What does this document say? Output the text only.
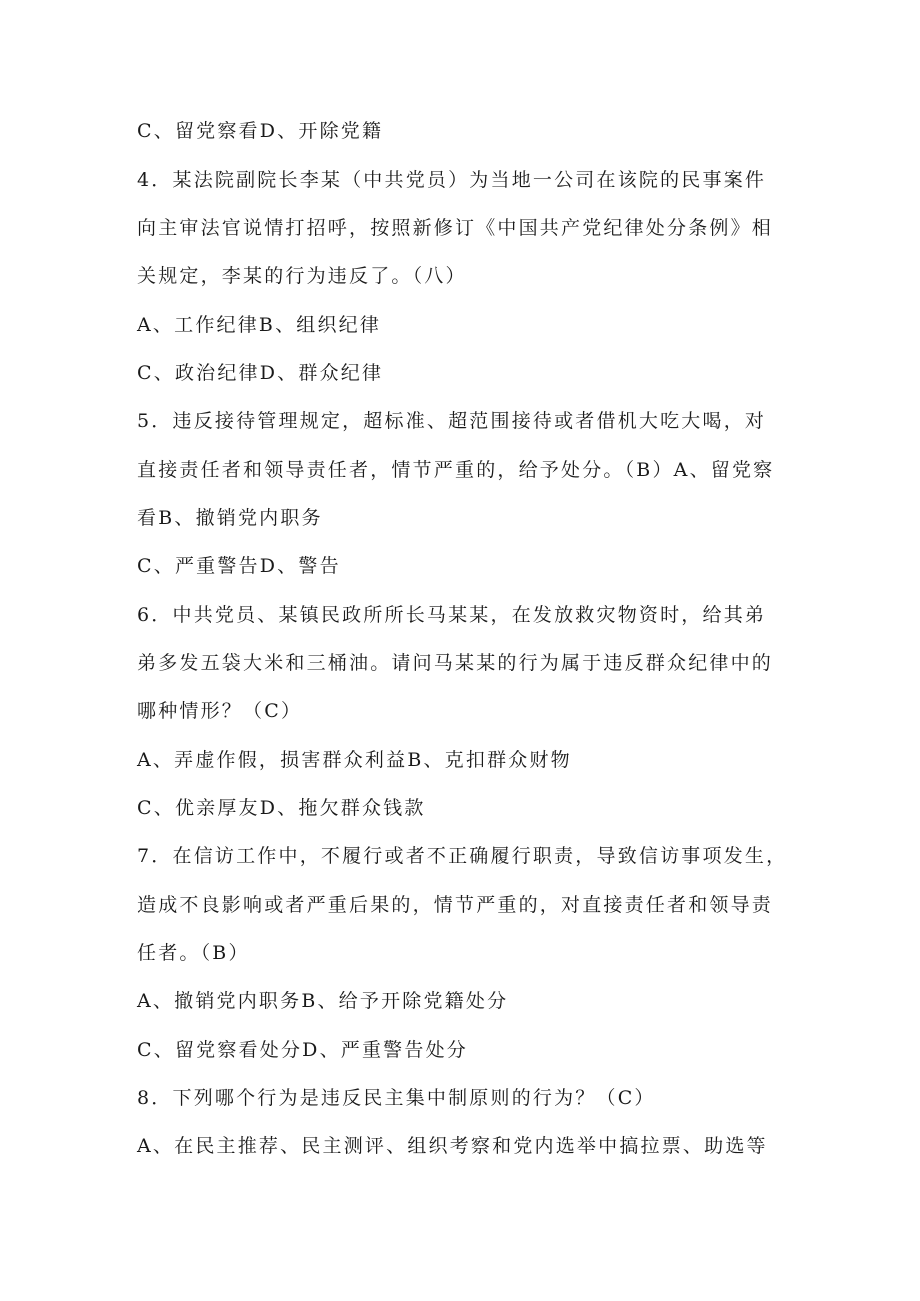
C、留党察看D、开除党籍
4．某法院副院长李某（中共党员）为当地一公司在该院的民事案件
向主审法官说情打招呼，按照新修订《中国共产党纪律处分条例》相
关规定，李某的行为违反了。（八）
A、工作纪律B、组织纪律
C、政治纪律D、群众纪律
5．违反接待管理规定，超标准、超范围接待或者借机大吃大喝，对
直接责任者和领导责任者，情节严重的，给予处分。（B）A、留党察
看B、撤销党内职务
C、严重警告D、警告
6．中共党员、某镇民政所所长马某某，在发放救灾物资时，给其弟
弟多发五袋大米和三桶油。请问马某某的行为属于违反群众纪律中的
哪种情形？（C）
A、弄虚作假，损害群众利益B、克扣群众财物
C、优亲厚友D、拖欠群众钱款
7．在信访工作中，不履行或者不正确履行职责，导致信访事项发生，
造成不良影响或者严重后果的，情节严重的，对直接责任者和领导责
任者。（B）
A、撤销党内职务B、给予开除党籍处分
C、留党察看处分D、严重警告处分
8．下列哪个行为是违反民主集中制原则的行为？（C）
A、在民主推荐、民主测评、组织考察和党内选举中搞拉票、助选等
